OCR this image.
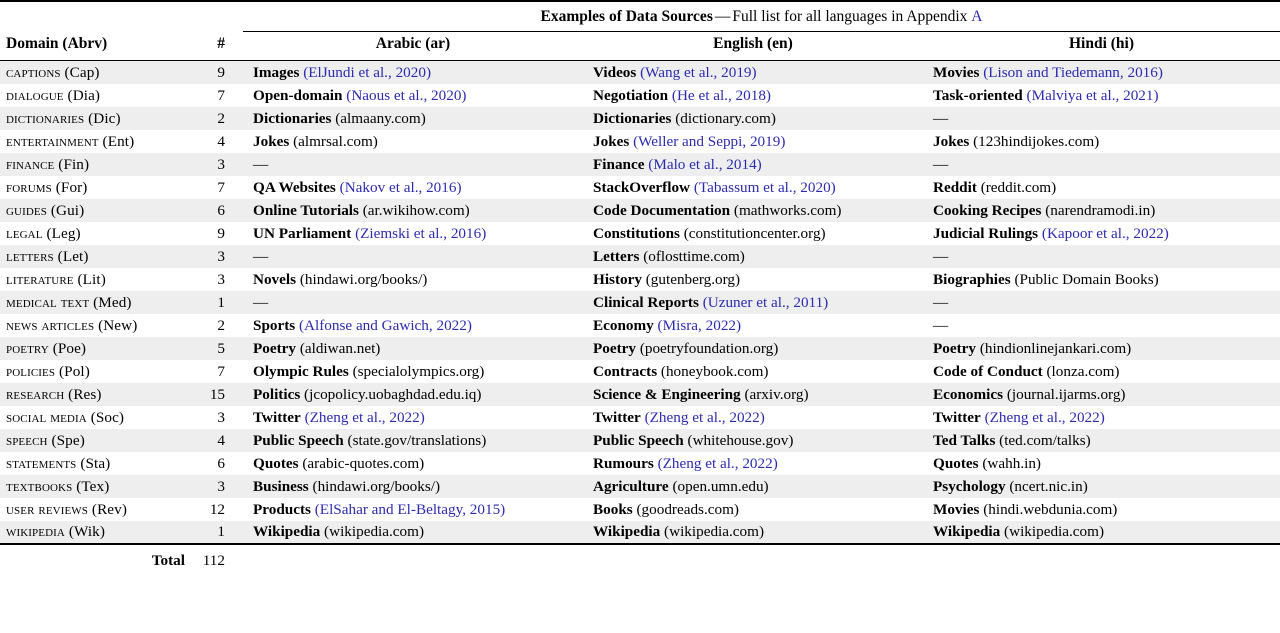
		Examples of Data Sources — Full list for all languages in Appendix A		

Domain (Abrv)	#	Arabic (ar)	English (en)	Hindi (hi)

captions (Cap)	9	Images (ElJundi et al., 2020)	Videos (Wang et al., 2019)	Movies (Lison and Tiedemann, 2016)
dialogue (Dia)	7	Open-domain (Naous et al., 2020)	Negotiation (He et al., 2018)	Task-oriented (Malviya et al., 2021)
dictionaries (Dic)	2	Dictionaries (almaany.com)	Dictionaries (dictionary.com)	—
entertainment (Ent)	4	Jokes (almrsal.com)	Jokes (Weller and Seppi, 2019)	Jokes (123hindijokes.com)
finance (Fin)	3	—	Finance (Malo et al., 2014)	—
forums (For)	7	QA Websites (Nakov et al., 2016)	StackOverflow (Tabassum et al., 2020)	Reddit (reddit.com)
guides (Gui)	6	Online Tutorials (ar.wikihow.com)	Code Documentation (mathworks.com)	Cooking Recipes (narendramodi.in)
legal (Leg)	9	UN Parliament (Ziemski et al., 2016)	Constitutions (constitutioncenter.org)	Judicial Rulings (Kapoor et al., 2022)
letters (Let)	3	—	Letters (oflosttime.com)	—
literature (Lit)	3	Novels (hindawi.org/books/)	History (gutenberg.org)	Biographies (Public Domain Books)
medical text (Med)	1	—	Clinical Reports (Uzuner et al., 2011)	—
news articles (New)	2	Sports (Alfonse and Gawich, 2022)	Economy (Misra, 2022)	—
poetry (Poe)	5	Poetry (aldiwan.net)	Poetry (poetryfoundation.org)	Poetry (hindionlinejankari.com)
policies (Pol)	7	Olympic Rules (specialolympics.org)	Contracts (honeybook.com)	Code of Conduct (lonza.com)
research (Res)	15	Politics (jcopolicy.uobaghdad.edu.iq)	Science & Engineering (arxiv.org)	Economics (journal.ijarms.org)
social media (Soc)	3	Twitter (Zheng et al., 2022)	Twitter (Zheng et al., 2022)	Twitter (Zheng et al., 2022)
speech (Spe)	4	Public Speech (state.gov/translations)	Public Speech (whitehouse.gov)	Ted Talks (ted.com/talks)
statements (Sta)	6	Quotes (arabic-quotes.com)	Rumours (Zheng et al., 2022)	Quotes (wahh.in)
textbooks (Tex)	3	Business (hindawi.org/books/)	Agriculture (open.umn.edu)	Psychology (ncert.nic.in)
user reviews (Rev)	12	Products (ElSahar and El-Beltagy, 2015)	Books (goodreads.com)	Movies (hindi.webdunia.com)
wikipedia (Wik)	1	Wikipedia (wikipedia.com)	Wikipedia (wikipedia.com)	Wikipedia (wikipedia.com)

Total	112			
